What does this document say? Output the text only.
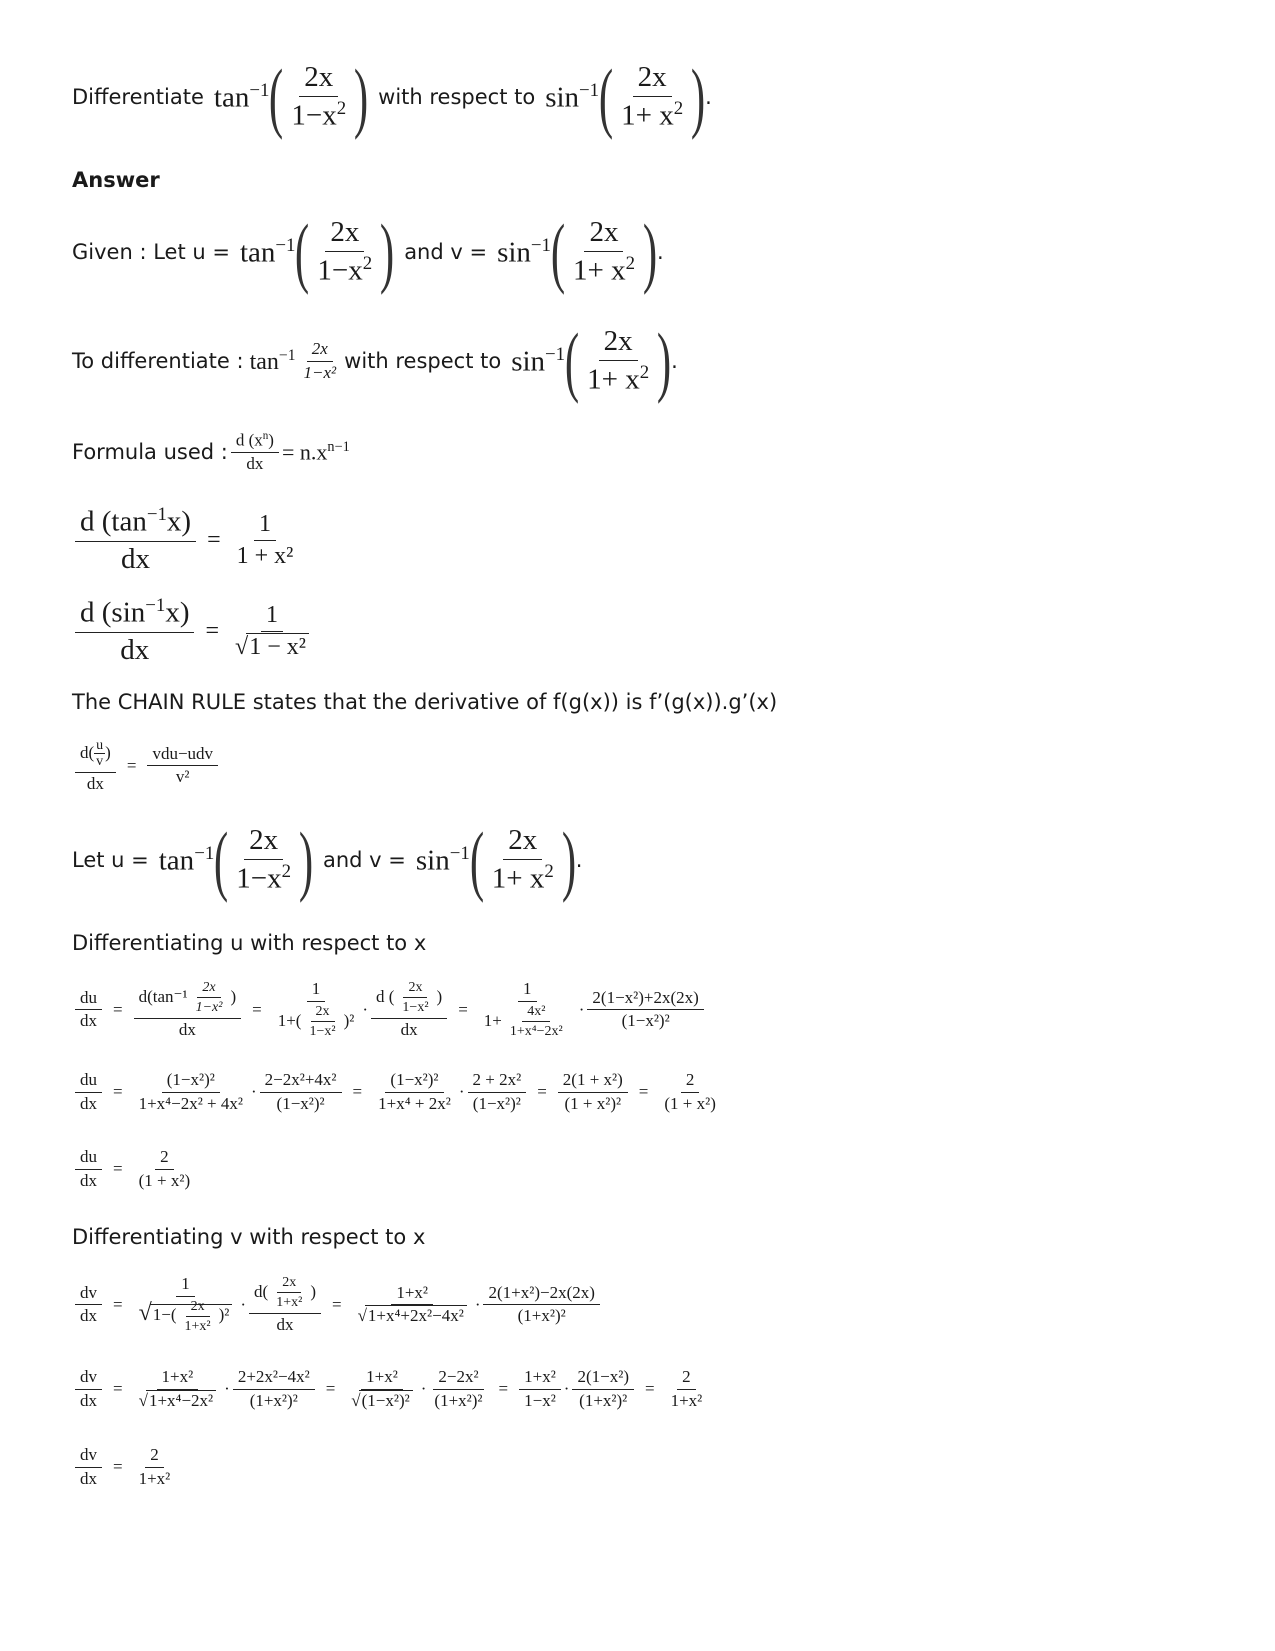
Differentiate $\tan^{-1}$ ( $\frac{2x}{1-x^2}$ ) with respect to $\sin^{-1}$ ( $\frac{2x}{1+ x^2}$ ) .
Answer
Given : Let $u = \tan^{-1}$ ( $\frac{2x}{1-x^2}$ ) and $v = \sin^{-1}$ ( $\frac{2x}{1+ x^2}$ ) .
To differentiate : $\tan^{-1} \frac{2x}{\text{1−x²}}$ with respect to $\sin^{-1}$ ( $\frac{2x}{1+ x^2}$ ) .
Formula used : $\frac{d (x^n)}{dx} = n.x^{n-1}$
$\frac{d (\tan^{-1}x)}{dx} = \frac{1}{\text{1 + x²}}$
$\frac{d (\sin^{-1}x)}{dx} = \frac{1}{\text{√1 − x²}}$
The CHAIN RULE states that the derivative of f(g(x)) is f’(g(x)).g’(x)
$\frac{d( \frac{u}{v} )}{dx} = \frac{\text{vdu−udv}}{\text{v²}}$
Let $u = \tan^{-1}$ ( $\frac{2x}{1-x^2}$ ) and $v = \sin^{-1}$ ( $\frac{2x}{1+ x^2}$ ) .
Differentiating u with respect to x
$\frac{du}{dx} = \frac{d(\tan^{-1} \frac{2x}{\text{1−x²}} )}{dx} = \frac{1}{1+( \frac{2x}{\text{1−x²}} )^2} \cdot \frac{d ( \frac{2x}{\text{1−x²}} )}{dx} = \frac{1}{1+ \frac{\text{4x²}}{\text{1+x⁴−2x²}}} \cdot \frac{\text{2(1−x²)+2x(2x)}}{\text{(1−x²)²}}$
$\frac{du}{dx} = \frac{\text{(1−x²)²}}{\text{1+x⁴−2x² + 4x²}} \cdot \frac{\text{2−2x²+4x²}}{\text{(1−x²)²}} = \frac{\text{(1−x²)²}}{\text{1+x⁴ + 2x²}} \cdot \frac{\text{2 + 2x²}}{\text{(1−x²)²}} = \frac{\text{2(1 + x²)}}{\text{(1 + x²)²}} = \frac{2}{\text{(1 + x²)}}$
$\frac{du}{dx} = \frac{2}{\text{(1 + x²)}}$
Differentiating v with respect to x
$\frac{dv}{dx} = \frac{1}{√1-( \frac{2x}{\text{1+x²}} )^2} \cdot \frac{d( \frac{2x}{\text{1+x²}} )}{dx} = \frac{\text{1+x²}}{\text{√1+x⁴+2x²−4x²}} \cdot \frac{\text{2(1+x²)−2x(2x)}}{\text{(1+x²)²}}$
$\frac{dv}{dx} = \frac{\text{1+x²}}{\text{√1+x⁴−2x²}} \cdot \frac{\text{2+2x²−4x²}}{\text{(1+x²)²}} = \frac{\text{1+x²}}{\text{√(1−x²)²}} \cdot \frac{\text{2−2x²}}{\text{(1+x²)²}} = \frac{\text{1+x²}}{\text{1−x²}} \cdot \frac{\text{2(1−x²)}}{\text{(1+x²)²}} = \frac{2}{\text{1+x²}}$
$\frac{dv}{dx} = \frac{2}{\text{1+x²}}$
